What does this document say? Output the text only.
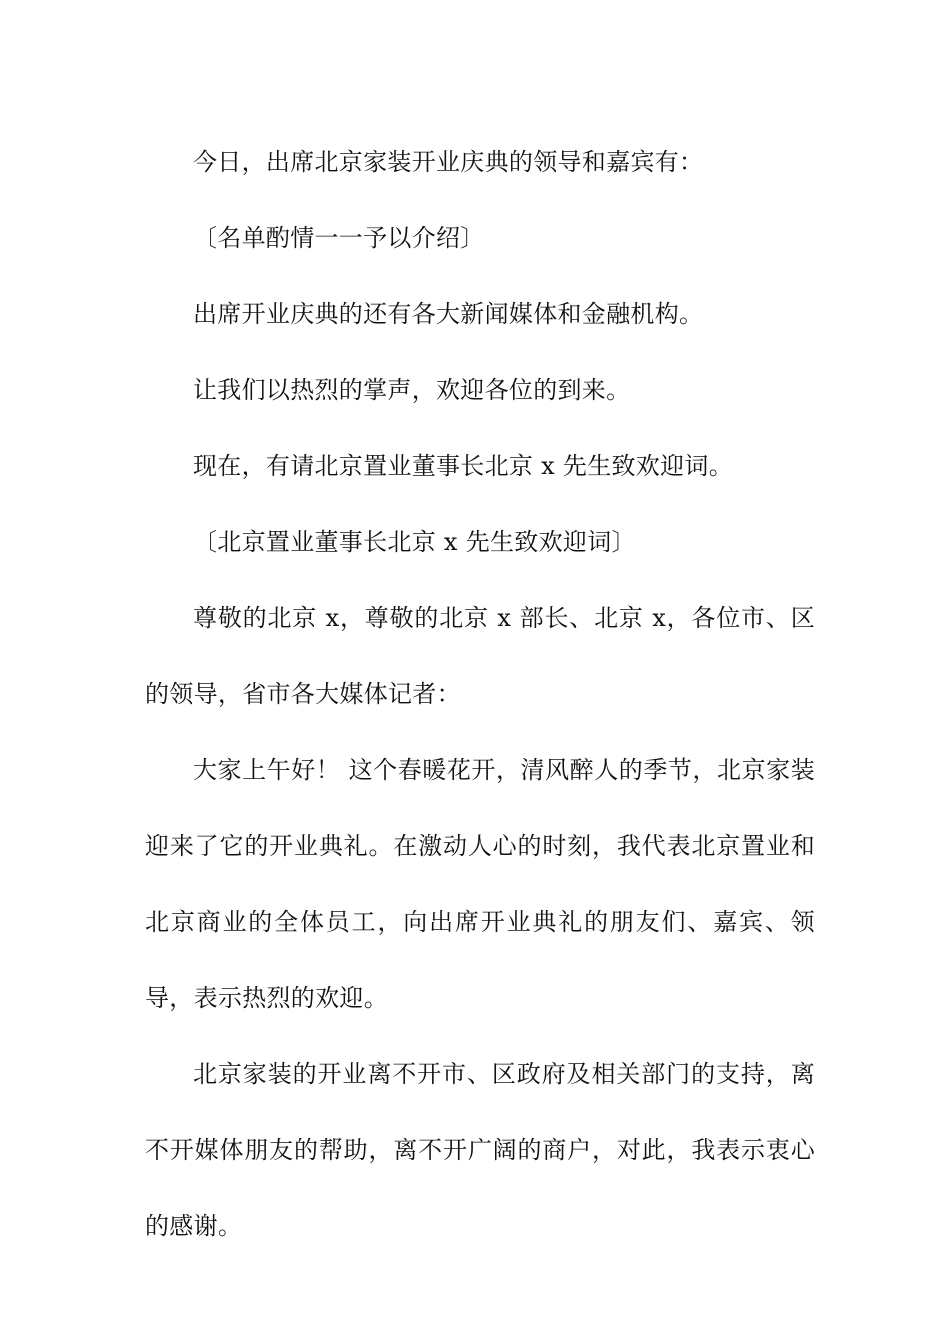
今日，出席北京家装开业庆典的领导和嘉宾有：

〔名单酌情一一予以介绍〕

出席开业庆典的还有各大新闻媒体和金融机构。

让我们以热烈的掌声，欢迎各位的到来。

现在，有请北京置业董事长北京 x 先生致欢迎词。

〔北京置业董事长北京 x 先生致欢迎词〕

尊敬的北京 x，尊敬的北京 x 部长、北京 x，各位市、区的领导，省市各大媒体记者：

大家上午好！ 这个春暖花开，清风醉人的季节，北京家装迎来了它的开业典礼。在激动人心的时刻，我代表北京置业和北京商业的全体员工，向出席开业典礼的朋友们、嘉宾、领导，表示热烈的欢迎。

北京家装的开业离不开市、区政府及相关部门的支持，离不开媒体朋友的帮助，离不开广阔的商户，对此，我表示衷心的感谢。
